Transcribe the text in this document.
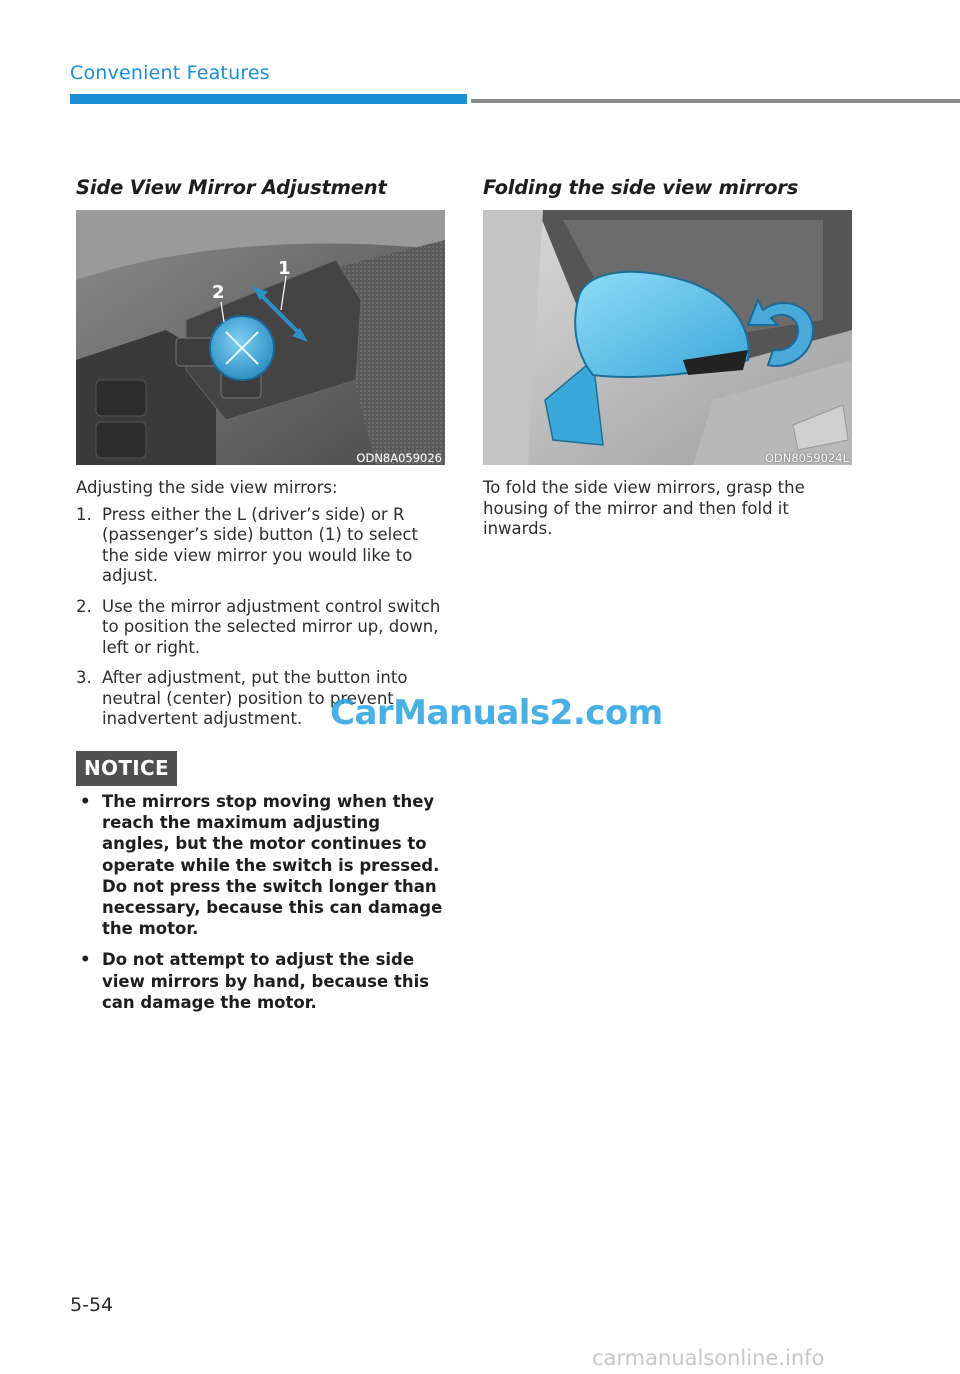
Convenient Features
Side View Mirror Adjustment
1
2
ODN8A059026

Adjusting the side view mirrors:

1. Press either the L (driver’s side) or R (passenger’s side) button (1) to select the side view mirror you would like to adjust.
2. Use the mirror adjustment control switch to position the selected mirror up, down, left or right.
3. After adjustment, put the button into neutral (center) position to prevent inadvertent adjustment.
NOTICE
• The mirrors stop moving when they reach the maximum adjusting angles, but the motor continues to operate while the switch is pressed. Do not press the switch longer than necessary, because this can damage the motor.
• Do not attempt to adjust the side view mirrors by hand, because this can damage the motor.
Folding the side view mirrors
ODN8059024L

To fold the side view mirrors, grasp the housing of the mirror and then fold it inwards.

CarManuals2.com
5-54
carmanualsonline.info
